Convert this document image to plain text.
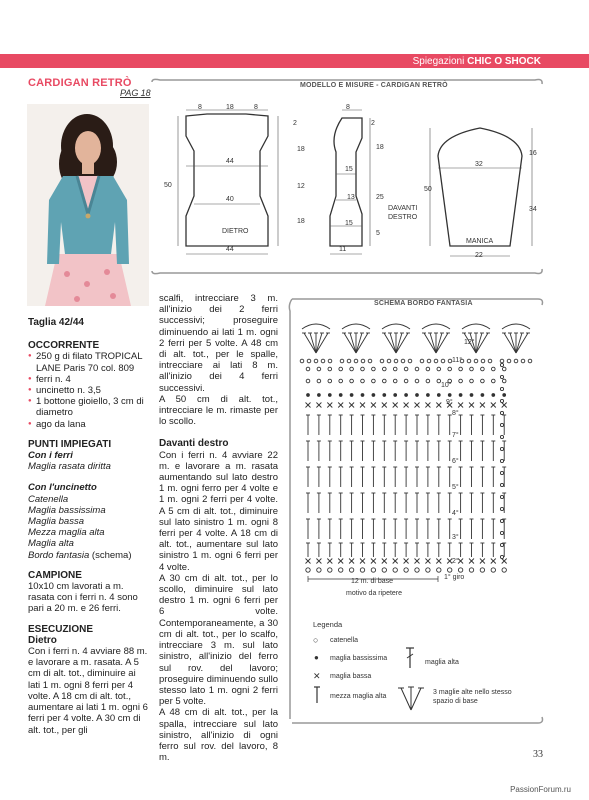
Spiegazioni CHIC O SHOCK
CARDIGAN RETRÒ
PAG 18
Taglia 42/44
OCCORRENTE
● 250 g di filato TROPICAL LANE Paris 70 col. 809
● ferri n. 4
● uncinetto n. 3,5
● 1 bottone gioiello, 3 cm di diametro
● ago da lana
PUNTI IMPIEGATI
Con i ferri
Maglia rasata diritta
Con l'uncinetto
Catenella
Maglia bassissima
Maglia bassa
Mezza maglia alta
Maglia alta
Bordo fantasia (schema)
CAMPIONE
10x10 cm lavorati a m. rasata con i ferri n. 4 sono pari a 20 m. e 26 ferri.
ESECUZIONE
Dietro
Con i ferri n. 4 avviare 88 m. e lavorare a m. rasata. A 5 cm di alt. tot., diminuire ai lati 1 m. ogni 8 ferri per 4 volte. A 18 cm di alt. tot., aumentare ai lati 1 m. ogni 6 ferri per 4 volte. A 30 cm di alt. tot., per gli
scalfi, intrecciare 3 m. all'inizio dei 2 ferri successivi; proseguire diminuendo ai lati 1 m. ogni 2 ferri per 5 volte. A 48 cm di alt. tot., per le spalle, intrecciare ai lati 8 m. all'inizio dei 4 ferri successivi.
A 50 cm di alt. tot., intrecciare le m. rimaste per lo scollo.
Davanti destro
Con i ferri n. 4 avviare 22 m. e lavorare a m. rasata aumentando sul lato destro 1 m. ogni ferro per 4 volte e 1 m. ogni 2 ferri per 4 volte. A 5 cm di alt. tot., diminuire sul lato sinistro 1 m. ogni 8 ferri per 4 volte. A 18 cm di alt. tot., aumentare sul lato sinistro 1 m. ogni 6 ferri per 4 volte.
A 30 cm di alt. tot., per lo scollo, diminuire sul lato destro 1 m. ogni 6 ferri per 6 volte. Contemporaneamente, a 30 cm di alt. tot., per lo scalfo, intrecciare 3 m. sul lato sinistro, all'inizio del ferro sul rov. del lavoro; proseguire diminuendo sullo stesso lato 1 m. ogni 2 ferri per 5 volte.
A 48 cm di alt. tot., per la spalla, intrecciare sul lato sinistro, all'inizio di ogni ferro sul rov. del lavoro, 8 m.
MODELLO E MISURE - CARDIGAN RETRÒ
8	18	8
2
18
12
18
50
44
40
44
DIETRO
8
2
18
25
5
15
13
15
11
DAVANTI
DESTRO
16
34
50
32
22
MANICA
SCHEMA BORDO FANTASIA
12°
11°
10°
9°
8°
7°
6°
5°
4°
3°
2°
1° giro
12 m. di base
motivo da ripetere
Legenda
○ catenella
● maglia bassissima
✕ maglia bassa
mezza maglia alta
maglia alta
3 maglie alte nello stesso spazio di base
33
PassionForum.ru
